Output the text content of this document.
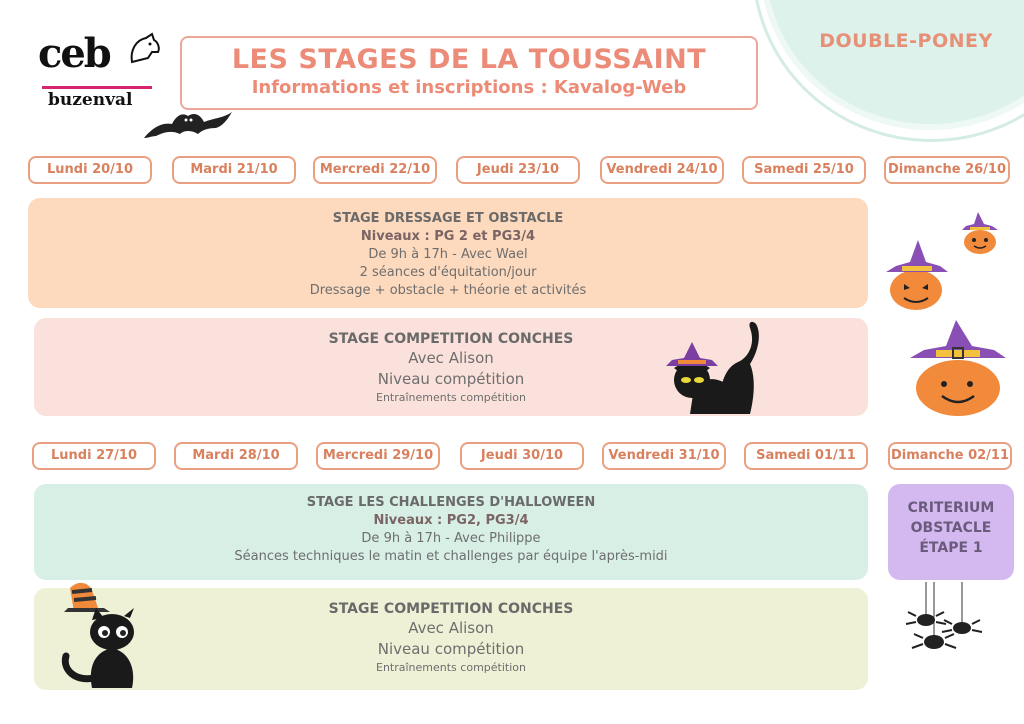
DOUBLE-PONEY
ceb
buzenval
LES STAGES DE LA TOUSSAINT
Informations et inscriptions : Kavalog-Web
Lundi 20/10	Mardi 21/10	Mercredi 22/10	Jeudi 23/10	Vendredi 24/10	Samedi 25/10	Dimanche 26/10
STAGE DRESSAGE ET OBSTACLE
Niveaux : PG 2 et PG3/4
De 9h à 17h - Avec Wael
2 séances d'équitation/jour
Dressage + obstacle + théorie et activités
STAGE COMPETITION CONCHES
Avec Alison
Niveau compétition
Entraînements compétition
Lundi 27/10	Mardi 28/10	Mercredi 29/10	Jeudi 30/10	Vendredi 31/10	Samedi 01/11	Dimanche 02/11
STAGE LES CHALLENGES D'HALLOWEEN
Niveaux : PG2, PG3/4
De 9h à 17h - Avec Philippe
Séances techniques le matin et challenges par équipe l'après-midi
CRITERIUM
OBSTACLE
ÉTAPE 1
STAGE COMPETITION CONCHES
Avec Alison
Niveau compétition
Entraînements compétition
